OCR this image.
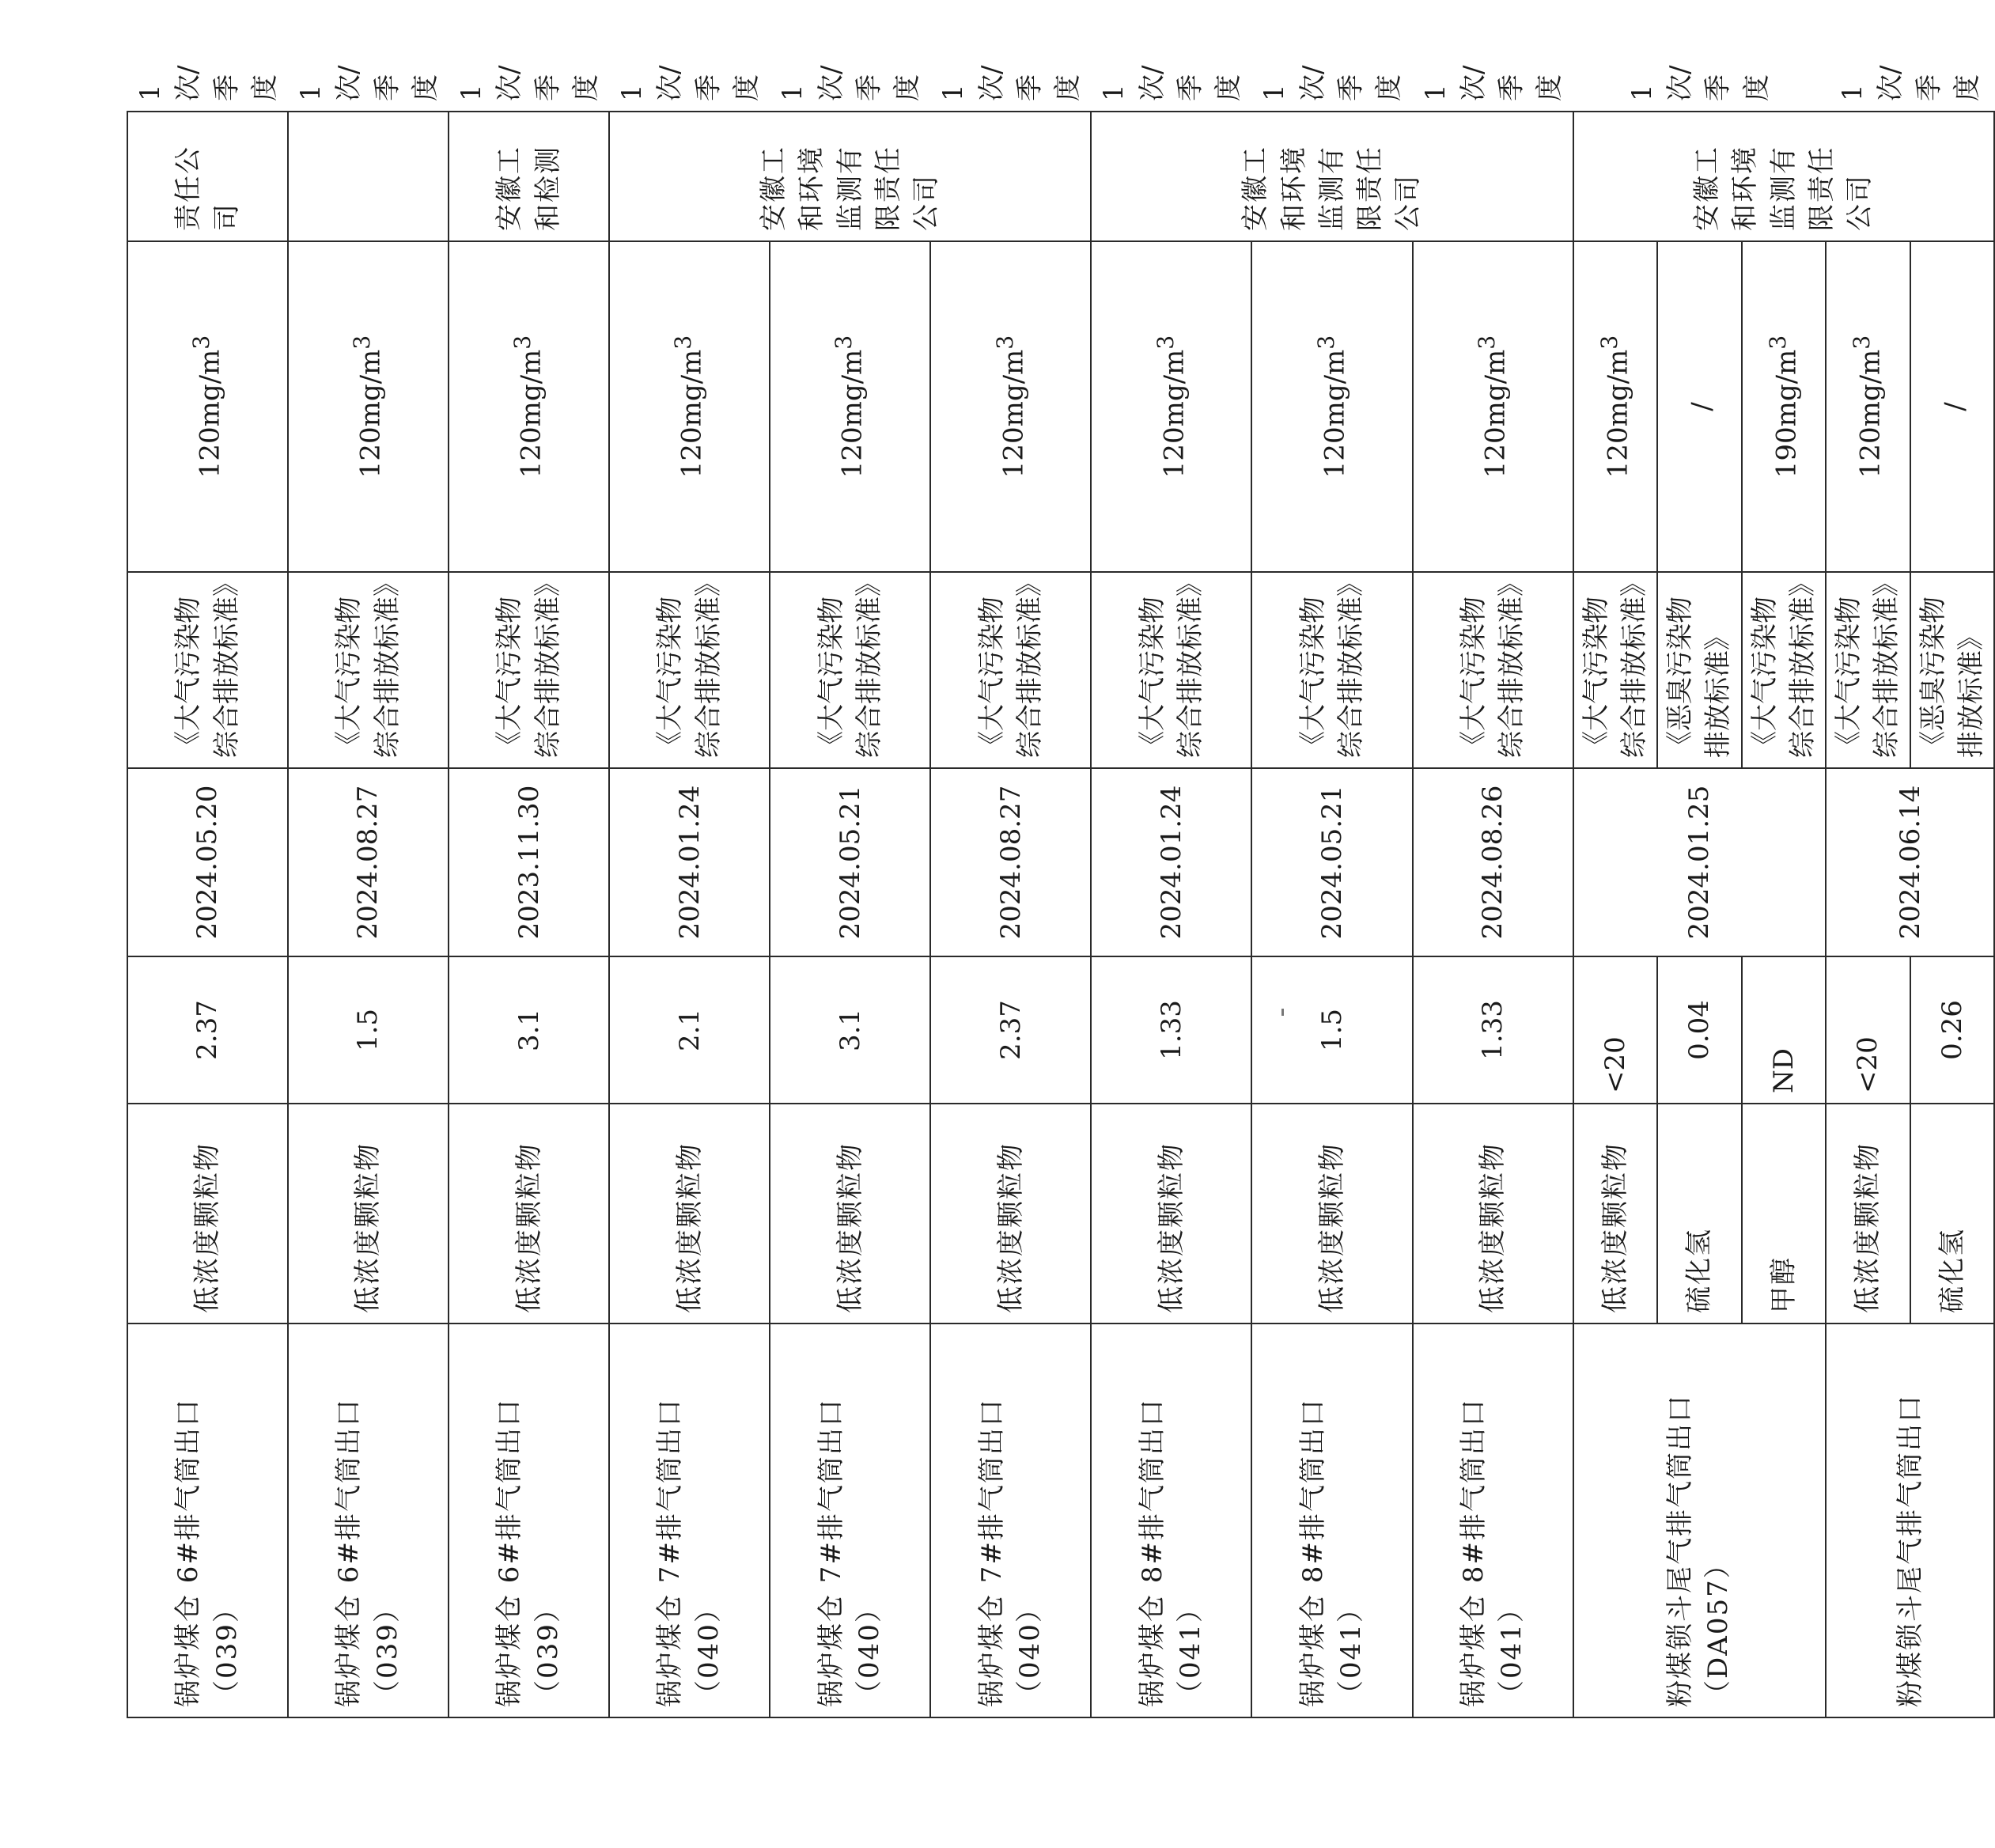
锅炉煤仓 6#排气筒出口（039）	低浓度颗粒物	2.37	2024.05.20	《大气污染物综合排放标准》	$120mg/m^3$	责任公司	1 次/季度
锅炉煤仓 6#排气筒出口（039）	低浓度颗粒物	1.5	2024.08.27	《大气污染物综合排放标准》	$120mg/m^3$		1 次/季度
锅炉煤仓 6#排气筒出口（039）	低浓度颗粒物	3.1	2023.11.30	《大气污染物综合排放标准》	$120mg/m^3$	安徽工和检测	1 次/季度
锅炉煤仓 7#排气筒出口（040）	低浓度颗粒物	2.1	2024.01.24	《大气污染物综合排放标准》	$120mg/m^3$	安徽工和环境监测有限责任公司	1 次/季度
锅炉煤仓 7#排气筒出口（040）	低浓度颗粒物	3.1	2024.05.21	《大气污染物综合排放标准》	$120mg/m^3$		1 次/季度
锅炉煤仓 7#排气筒出口（040）	低浓度颗粒物	2.37	2024.08.27	《大气污染物综合排放标准》	$120mg/m^3$		1 次/季度
锅炉煤仓 8#排气筒出口（041）	低浓度颗粒物	1.33	2024.01.24	《大气污染物综合排放标准》	$120mg/m^3$	安徽工和环境监测有限责任公司	1 次/季度
锅炉煤仓 8#排气筒出口（041）	低浓度颗粒物	1.5	2024.05.21	《大气污染物综合排放标准》	$120mg/m^3$		1 次/季度
锅炉煤仓 8#排气筒出口（041）	低浓度颗粒物	1.33	2024.08.26	《大气污染物综合排放标准》	$120mg/m^3$		1 次/季度
粉煤锁斗尾气排气筒出口（DA057）	低浓度颗粒物	<20	2024.01.25	《大气污染物综合排放标准》	$120mg/m^3$	安徽工和环境监测有限责任公司	1 次/季度
	硫化氢	0.04		《恶臭污染物排放标准》	/		
	甲醇	ND		《大气污染物综合排放标准》	$190mg/m^3$
粉煤锁斗尾气排气筒出口	低浓度颗粒物	<20	2024.06.14	《大气污染物综合排放标准》	$120mg/m^3$		1 次/季度
	硫化氢	0.26		《恶臭污染物排放标准》	/		
